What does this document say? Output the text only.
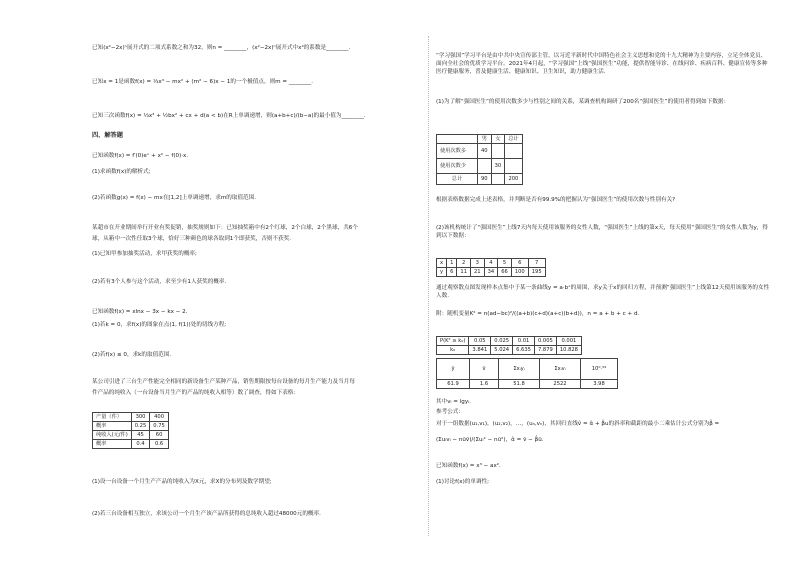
已知(x²−2x)ⁿ展开式的二项式系数之和为32，则n = ________，(x²−2x)ⁿ展开式中x⁴的系数是________.
已知x = 1是函数f(x) = ⅓x³ − mx² + (m² − 6)x − 1的一个极值点，则m = ________.
已知三次函数f(x) = ⅓x³ + ½bx² + cx + d(a < b)在R上单调递增，则(a+b+c)/(b−a)的最小值为________.
四、解答题
已知函数f(x) = f′(0)eˣ + x² − f(0)·x.
(1)求函数f(x)的解析式;
(2)若函数g(x) = f(x) − mx在[1,2]上单调递增，求m的取值范围.
某超市在开业期间举行开业有奖促销，抽奖规则如下：已知抽奖箱中有2个红球，2个白球，2个黑球，共6个
球，从箱中一次性任取3个球，恰好三种颜色的球各取到1个即获奖，否则不获奖.
(1)已知甲参加抽奖活动，求甲获奖的概率;
(2)若有3个人参与这个活动，求至少有1人获奖的概率.
已知函数f(x) = xlnx − 3x − kx − 2.
(1)若k = 0，求f(x)的图象在点(1, f(1))处的切线方程;
(2)若f(x) ≤ 0，求k的取值范围.
某公司引进了三台生产性能完全相同的新设备生产某种产品，销售期限按每台设备的每月生产能力及当月每
件产品的纯收入（一台设备当月生产的产品的纯收入相等）数了调查，得如下表格：
产量（件）	300	400
概率	0.25	0.75
纯收入(元/件)	45	60
概率	0.4	0.6
(1)设一台设备一个月生产产品的纯收入为X元，求X的分布列及数学期望;
(2)若三台设备相互独立，求该公司一个月生产该产品所获得的总纯收入超过48000元的概率.
“学习强国”学习平台是由中共中央宣传部主管，以习近平新时代中国特色社会主义思想和党的十九大精神为主要内容，立足全体党员、面向全社会的优质学习平台。2021年4月起，“学习强国”上线“强国医生”功能，提供智能导诊、在线问诊、疾病百科、健康宣传等多种医疗健康服务，普及健康生活、健康知识、卫生知识，助力健康生活.
(1)为了解“强国医生”的使用次数多少与性别之间的关系，某调查机构调研了200名“强国医生”的使用者得到如下数据：
	男	女	总计
使用次数多	40		
使用次数少		30	
总计	90		200
根据表格数据完成上述表格，并判断是否有99.9%的把握认为“强国医生”的使用次数与性别有关?
(2)该机构统计了“强国医生”上线7天内每天使用该服务的女性人数，“强国医生”上线的第x天，每天使用“强国医生”的女性人数为y，得到以下数据：
x	1	2	3	4	5	6	7
y	6	11	21	34	66	100	195
通过观察散点图发现样本点集中于某一条曲线y = a·bˣ的周围，求y关于x的回归方程，并预测“强国医生”上线第12天使用该服务的女性人数.
附：随机变量K² = n(ad−bc)²/((a+b)(c+d)(a+c)(b+d))，n = a + b + c + d.
P(K² ≥ k₀)	0.05	0.025	0.01	0.005	0.001
k₀	3.841	5.024	6.635	7.879	10.828
ȳ	v̄	Σxᵢyᵢ	Σxᵢvᵢ	10⁰·⁵⁴
61.9	1.6	51.8	2522	3.98
其中vᵢ = lgyᵢ.
参考公式:
对于一组数据(u₁,v₁)，(u₂,v₂)，…，(uₙ,vₙ)，其回归直线v̂ = α̂ + β̂u的斜率和截距的最小二乘估计公式分别为β̂ =
(Σuᵢvᵢ − nūv̄)/(Σuᵢ² − nū²)，α̂ = v̄ − β̂ū.
已知函数f(x) = x³ − ax².
(1)讨论f(x)的单调性;
